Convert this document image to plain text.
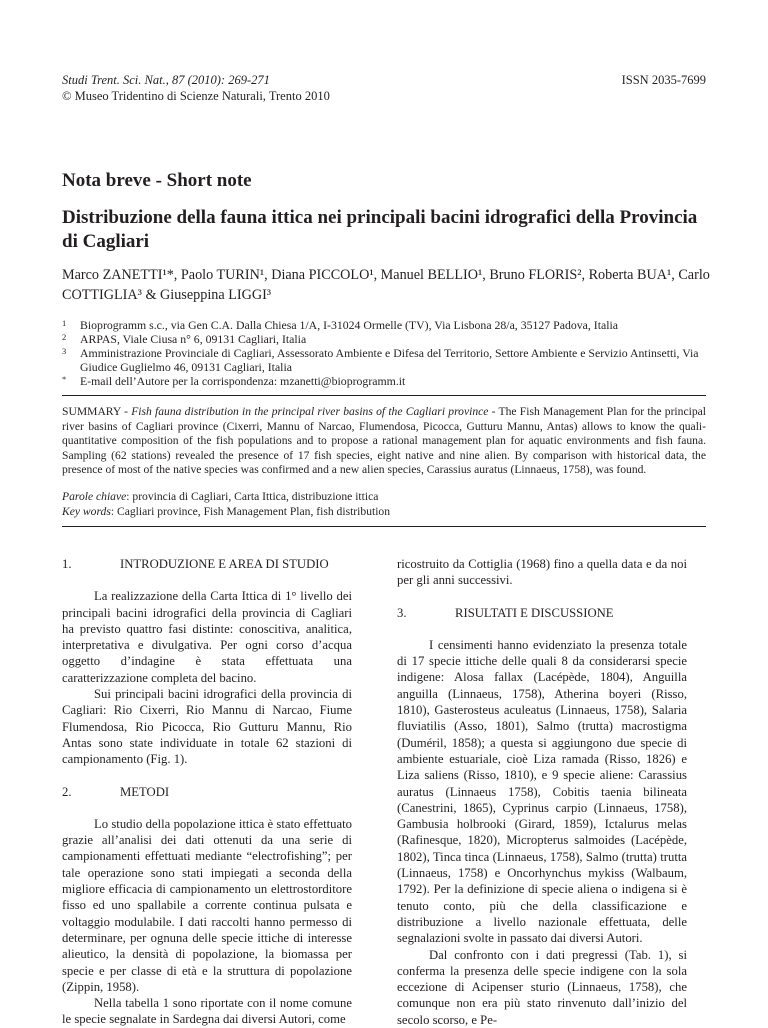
Studi Trent. Sci. Nat., 87 (2010): 269-271
© Museo Tridentino di Scienze Naturali, Trento 2010
ISSN 2035-7699
Nota breve - Short note
Distribuzione della fauna ittica nei principali bacini idrografici della Provincia di Cagliari
Marco ZANETTI¹*, Paolo TURIN¹, Diana PICCOLO¹, Manuel BELLIO¹, Bruno FLORIS², Roberta BUA¹, Carlo
COTTIGLIA³ & Giuseppina LIGGI³
1 Bioprogramm s.c., via Gen C.A. Dalla Chiesa 1/A, I-31024 Ormelle (TV), Via Lisbona 28/a, 35127 Padova, Italia
2 ARPAS, Viale Ciusa n° 6, 09131 Cagliari, Italia
3 Amministrazione Provinciale di Cagliari, Assessorato Ambiente e Difesa del Territorio, Settore Ambiente e Servizio Antinsetti, Via Giudice Guglielmo 46, 09131 Cagliari, Italia
* E-mail dell’Autore per la corrispondenza: mzanetti@bioprogramm.it
SUMMARY - Fish fauna distribution in the principal river basins of the Cagliari province - The Fish Management Plan for the principal river basins of Cagliari province (Cixerri, Mannu of Narcao, Flumendosa, Picocca, Gutturu Mannu, Antas) allows to know the quali-quantitative composition of the fish populations and to propose a rational management plan for aquatic environments and fish fauna. Sampling (62 stations) revealed the presence of 17 fish species, eight native and nine alien. By comparison with historical data, the presence of most of the native species was confirmed and a new alien species, Carassius auratus (Linnaeus, 1758), was found.
Parole chiave: provincia di Cagliari, Carta Ittica, distribuzione ittica
Key words: Cagliari province, Fish Management Plan, fish distribution
1.	INTRODUZIONE E AREA DI STUDIO

La realizzazione della Carta Ittica di 1° livello dei principali bacini idrografici della provincia di Cagliari ha previsto quattro fasi distinte: conoscitiva, analitica, interpretativa e divulgativa. Per ogni corso d’acqua oggetto d’indagine è stata effettuata una caratterizzazione completa del bacino.

Sui principali bacini idrografici della provincia di Cagliari: Rio Cixerri, Rio Mannu di Narcao, Fiume Flumendosa, Rio Picocca, Rio Gutturu Mannu, Rio Antas sono state individuate in totale 62 stazioni di campionamento (Fig. 1).

2.	METODI

Lo studio della popolazione ittica è stato effettuato grazie all’analisi dei dati ottenuti da una serie di campionamenti effettuati mediante “electrofishing”; per tale operazione sono stati impiegati a seconda della migliore efficacia di campionamento un elettrostorditore fisso ed uno spallabile a corrente continua pulsata e voltaggio modulabile. I dati raccolti hanno permesso di determinare, per ognuna delle specie ittiche di interesse alieutico, la densità di popolazione, la biomassa per specie e per classe di età e la struttura di popolazione (Zippin, 1958).

Nella tabella 1 sono riportate con il nome comune le specie segnalate in Sardegna dai diversi Autori, come

ricostruito da Cottiglia (1968) fino a quella data e da noi per gli anni successivi.

3.	RISULTATI E DISCUSSIONE

I censimenti hanno evidenziato la presenza totale di 17 specie ittiche delle quali 8 da considerarsi specie indigene: Alosa fallax (Lacépède, 1804), Anguilla anguilla (Linnaeus, 1758), Atherina boyeri (Risso, 1810), Gasterosteus aculeatus (Linnaeus, 1758), Salaria fluviatilis (Asso, 1801), Salmo (trutta) macrostigma (Duméril, 1858); a questa si aggiungono due specie di ambiente estuariale, cioè Liza ramada (Risso, 1826) e Liza saliens (Risso, 1810), e 9 specie aliene: Carassius auratus (Linnaeus 1758), Cobitis taenia bilineata (Canestrini, 1865), Cyprinus carpio (Linnaeus, 1758), Gambusia holbrooki (Girard, 1859), Ictalurus melas (Rafinesque, 1820), Micropterus salmoides (Lacépède, 1802), Tinca tinca (Linnaeus, 1758), Salmo (trutta) trutta (Linnaeus, 1758) e Oncorhynchus mykiss (Walbaum, 1792). Per la definizione di specie aliena o indigena si è tenuto conto, più che della classificazione e distribuzione a livello nazionale effettuata, delle segnalazioni svolte in passato dai diversi Autori.

Dal confronto con i dati pregressi (Tab. 1), si conferma la presenza delle specie indigene con la sola eccezione di Acipenser sturio (Linnaeus, 1758), che comunque non era più stato rinvenuto dall’inizio del secolo scorso, e Pe-
